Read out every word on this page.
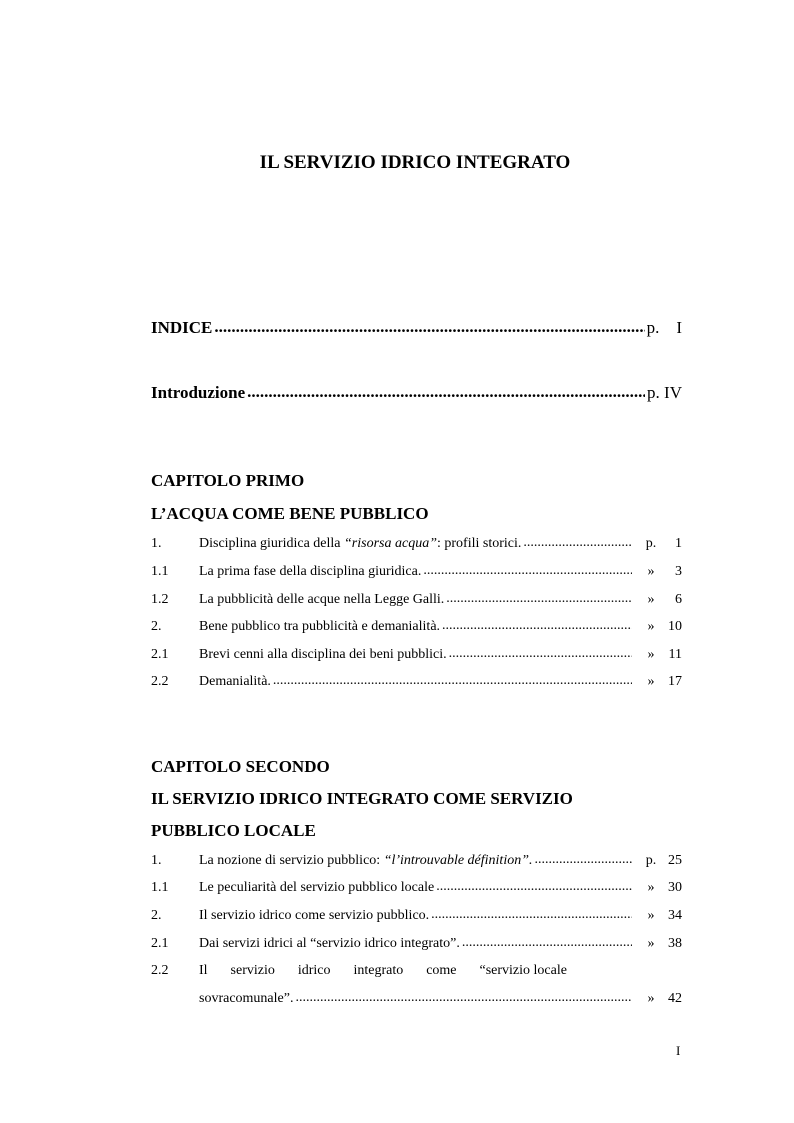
IL SERVIZIO IDRICO INTEGRATO
INDICE .....	p.    I
Introduzione .....	p. IV
CAPITOLO PRIMO
L’ACQUA COME BENE PUBBLICO
1.	Disciplina giuridica della “risorsa acqua”: profili storici. .....	p.	1
1.1	La prima fase della disciplina giuridica. .....	»	3
1.2	La pubblicità delle acque nella Legge Galli. .....	»	6
2.	Bene pubblico tra pubblicità e demanialità. .....	» 10
2.1	Brevi cenni alla disciplina dei beni pubblici. .....	»	11
2.2	Demanialità. .....	» 17
CAPITOLO SECONDO
IL SERVIZIO IDRICO INTEGRATO COME SERVIZIO
PUBBLICO LOCALE
1.	La nozione di servizio pubblico: “l’introuvable définition”. .....	p. 25
1.1	Le peculiarità del servizio pubblico locale .....	» 30
2.	Il servizio idrico come servizio pubblico. .....	» 34
2.1	Dai servizi idrici al “servizio idrico integrato”. .....	» 38
2.2	Il servizio idrico integrato come “servizio locale
sovracomunale”. .....	» 42
I
